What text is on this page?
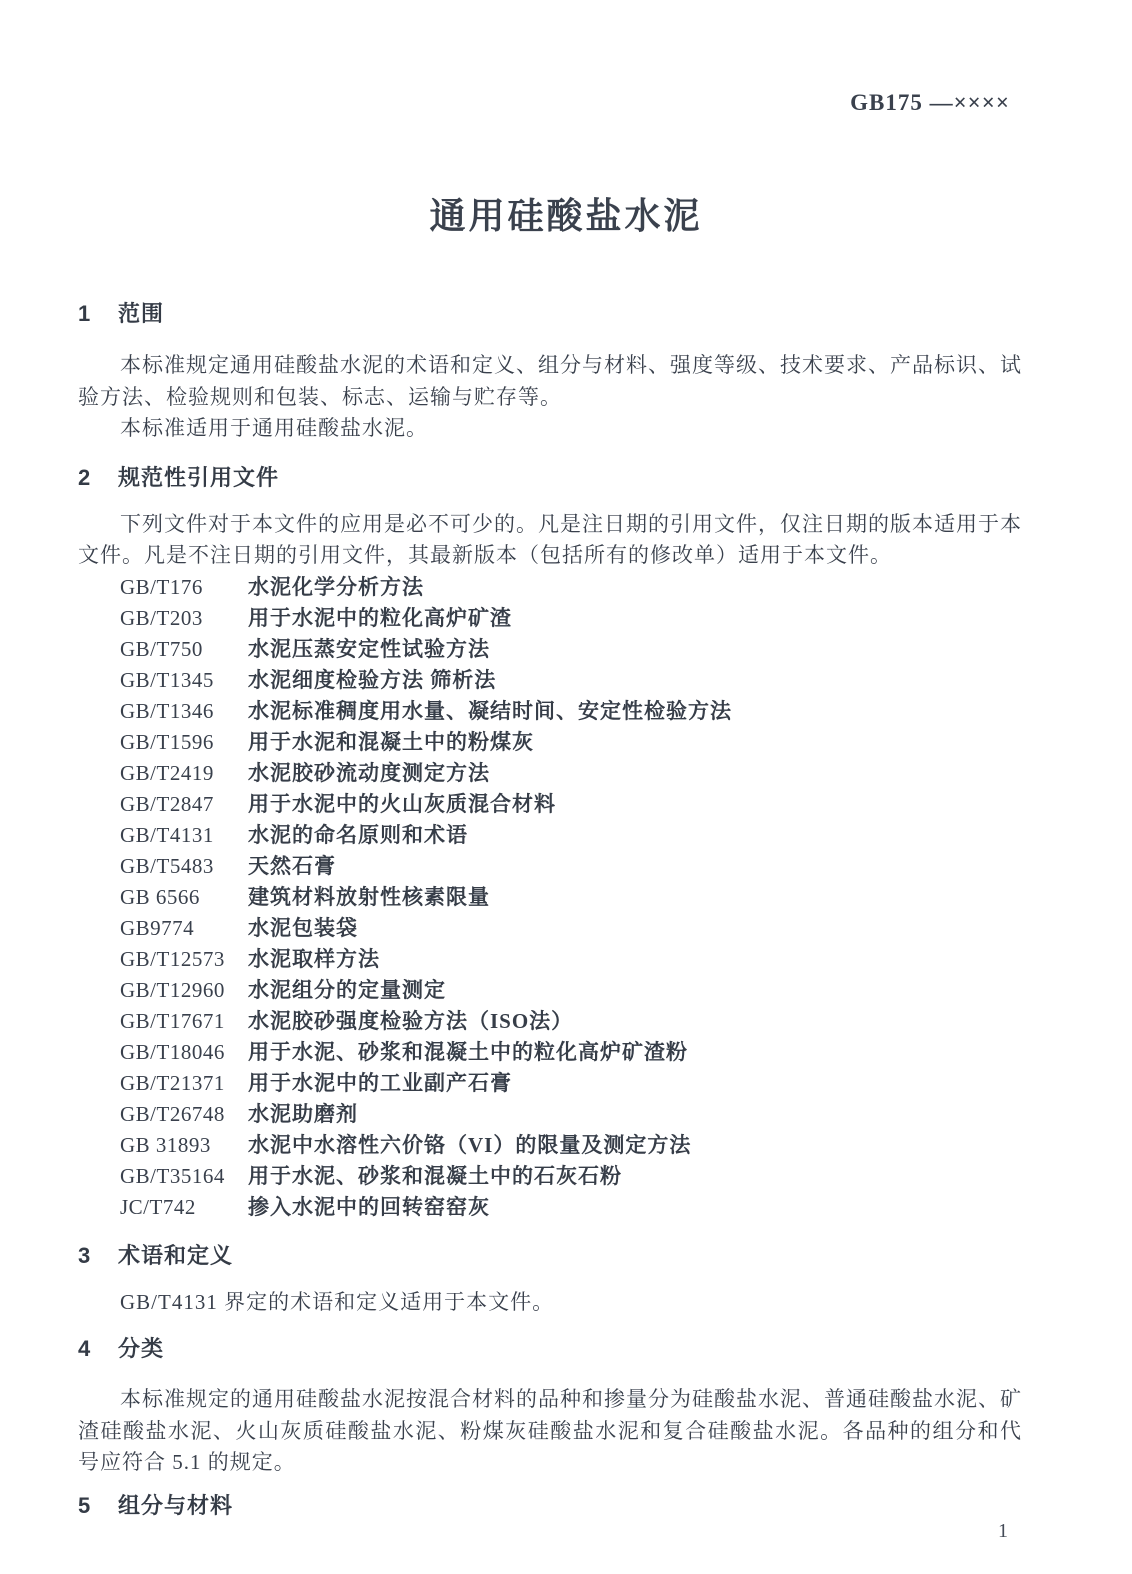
GB175 —××××
通用硅酸盐水泥
1 范围

本标准规定通用硅酸盐水泥的术语和定义、组分与材料、强度等级、技术要求、产品标识、试验方法、检验规则和包装、标志、运输与贮存等。

本标准适用于通用硅酸盐水泥。

2 规范性引用文件

下列文件对于本文件的应用是必不可少的。凡是注日期的引用文件，仅注日期的版本适用于本文件。凡是不注日期的引用文件，其最新版本（包括所有的修改单）适用于本文件。

GB/T176	水泥化学分析方法
GB/T203	用于水泥中的粒化高炉矿渣
GB/T750	水泥压蒸安定性试验方法
GB/T1345	水泥细度检验方法 筛析法
GB/T1346	水泥标准稠度用水量、凝结时间、安定性检验方法
GB/T1596	用于水泥和混凝土中的粉煤灰
GB/T2419	水泥胶砂流动度测定方法
GB/T2847	用于水泥中的火山灰质混合材料
GB/T4131	水泥的命名原则和术语
GB/T5483	天然石膏
GB 6566	建筑材料放射性核素限量
GB9774	水泥包装袋
GB/T12573	水泥取样方法
GB/T12960	水泥组分的定量测定
GB/T17671	水泥胶砂强度检验方法（ISO法）
GB/T18046	用于水泥、砂浆和混凝土中的粒化高炉矿渣粉
GB/T21371	用于水泥中的工业副产石膏
GB/T26748	水泥助磨剂
GB 31893	水泥中水溶性六价铬（VI）的限量及测定方法
GB/T35164	用于水泥、砂浆和混凝土中的石灰石粉
JC/T742	掺入水泥中的回转窑窑灰
3 术语和定义

GB/T4131 界定的术语和定义适用于本文件。

4 分类

本标准规定的通用硅酸盐水泥按混合材料的品种和掺量分为硅酸盐水泥、普通硅酸盐水泥、矿渣硅酸盐水泥、火山灰质硅酸盐水泥、粉煤灰硅酸盐水泥和复合硅酸盐水泥。各品种的组分和代号应符合 5.1 的规定。

5 组分与材料
1
